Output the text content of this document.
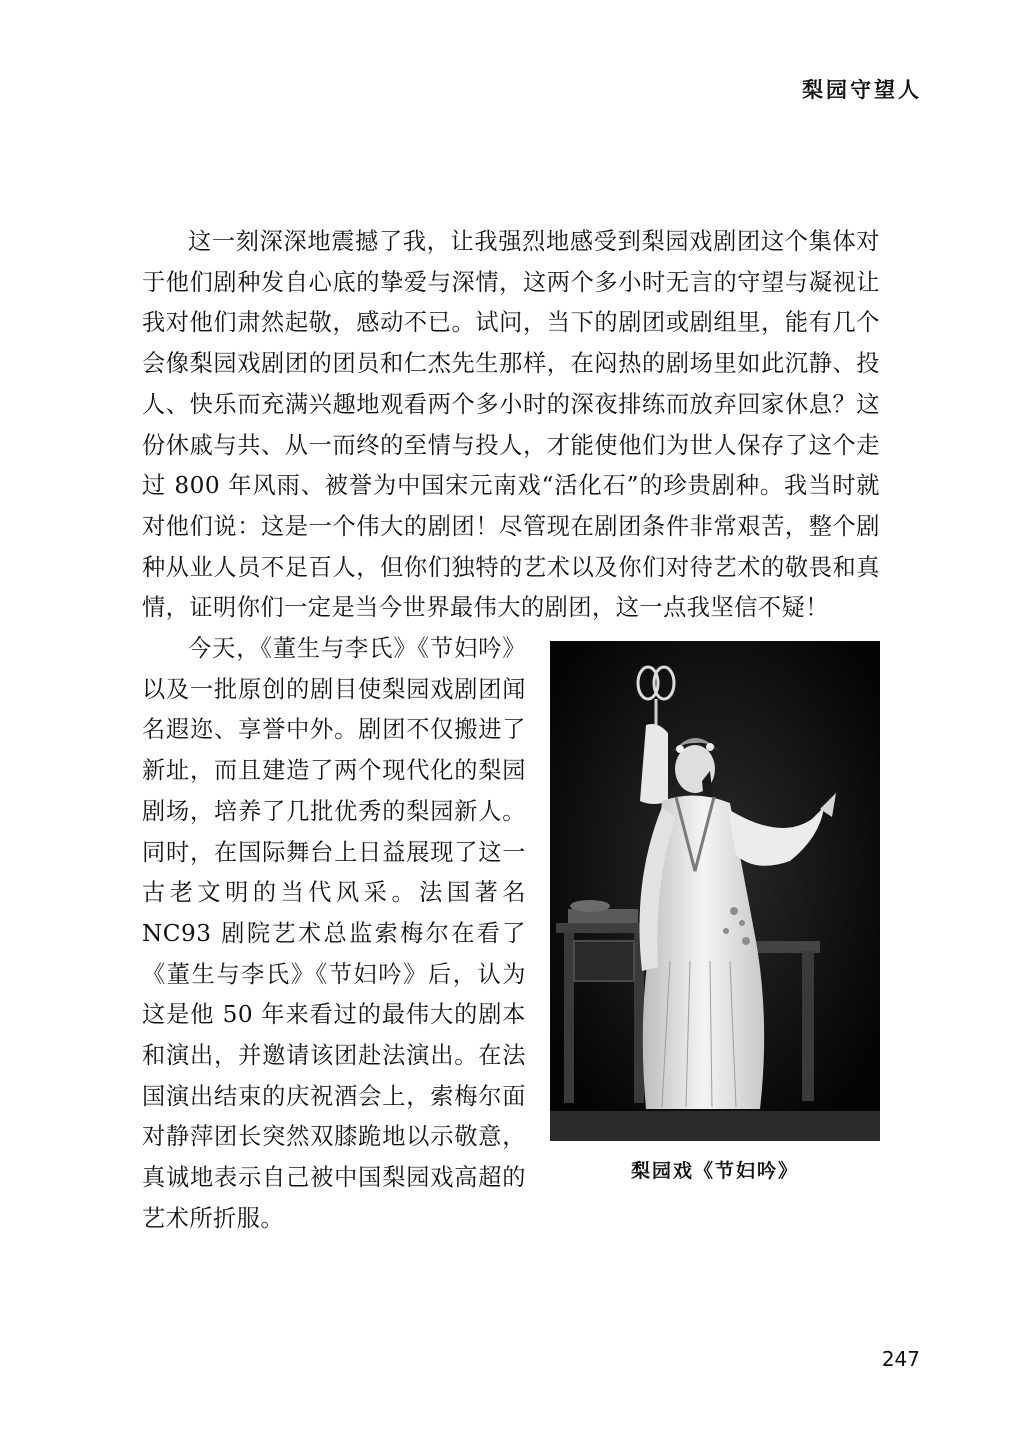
梨园守望人

这一刻深深地震撼了我，让我强烈地感受到梨园戏剧团这个集体对于他们剧种发自心底的挚爱与深情，这两个多小时无言的守望与凝视让我对他们肃然起敬，感动不已。试问，当下的剧团或剧组里，能有几个会像梨园戏剧团的团员和仁杰先生那样，在闷热的剧场里如此沉静、投人、快乐而充满兴趣地观看两个多小时的深夜排练而放弃回家休息？这份休戚与共、从一而终的至情与投人，才能使他们为世人保存了这个走过 800 年风雨、被誉为中国宋元南戏“活化石”的珍贵剧种。我当时就对他们说：这是一个伟大的剧团！尽管现在剧团条件非常艰苦，整个剧种从业人员不足百人，但你们独特的艺术以及你们对待艺术的敬畏和真情，证明你们一定是当今世界最伟大的剧团，这一点我坚信不疑！

梨园戏《节妇吟》

今天，《董生与李氏》《节妇吟》以及一批原创的剧目使梨园戏剧团闻名遐迩、享誉中外。剧团不仅搬进了新址，而且建造了两个现代化的梨园剧场，培养了几批优秀的梨园新人。同时，在国际舞台上日益展现了这一古老文明的当代风采。法国著名 NC93 剧院艺术总监索梅尔在看了《董生与李氏》《节妇吟》后，认为这是他 50 年来看过的最伟大的剧本和演出，并邀请该团赴法演出。在法国演出结束的庆祝酒会上，索梅尔面对静萍团长突然双膝跪地以示敬意，真诚地表示自己被中国梨园戏高超的艺术所折服。

247
